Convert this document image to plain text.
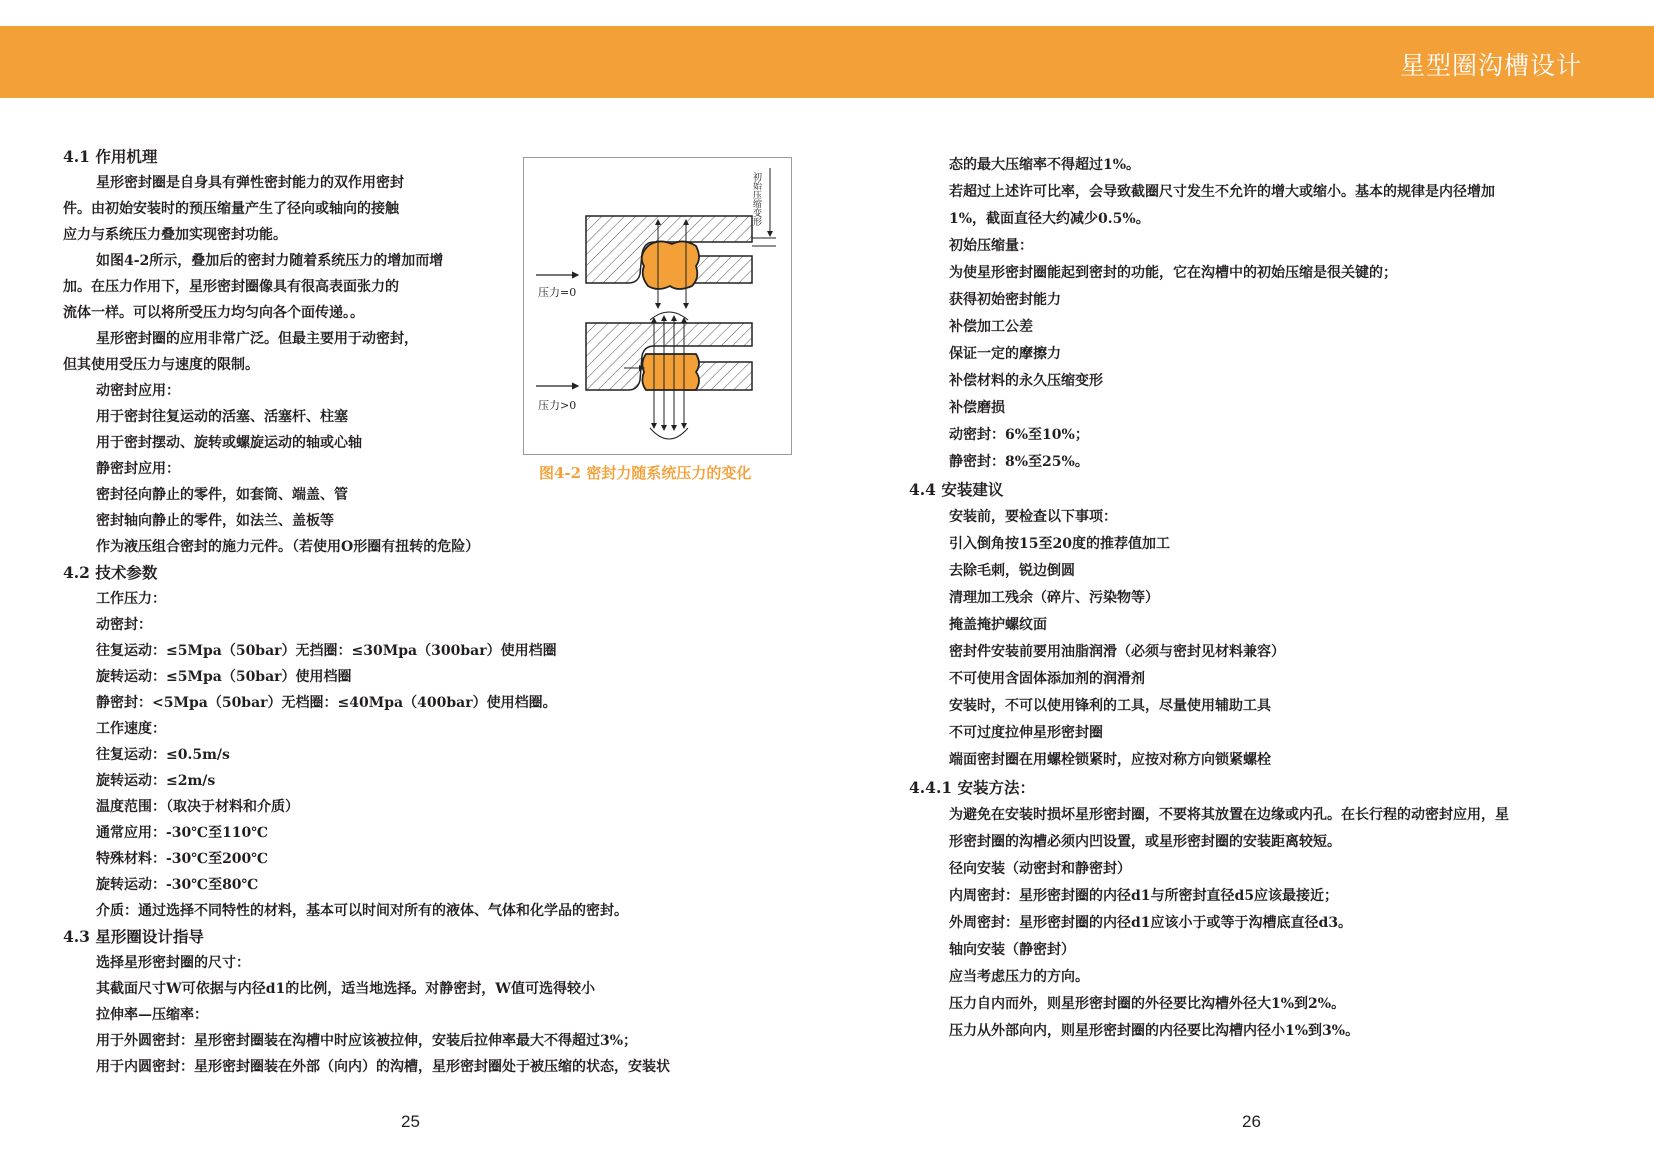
星型圈沟槽设计
4.1 作用机理
星形密封圈是自身具有弹性密封能力的双作用密封
件。由初始安装时的预压缩量产生了径向或轴向的接触
应力与系统压力叠加实现密封功能。
如图4-2所示，叠加后的密封力随着系统压力的增加而增
加。在压力作用下，星形密封圈像具有很高表面张力的
流体一样。可以将所受压力均匀向各个面传递。。
星形密封圈的应用非常广泛。但最主要用于动密封，
但其使用受压力与速度的限制。
动密封应用：
用于密封往复运动的活塞、活塞杆、柱塞
用于密封摆动、旋转或螺旋运动的轴或心轴
静密封应用：
密封径向静止的零件，如套筒、端盖、管
密封轴向静止的零件，如法兰、盖板等
作为液压组合密封的施力元件。（若使用O形圈有扭转的危险）
4.2 技术参数
工作压力：
动密封：
往复运动：≤5Mpa（50bar）无挡圈：≤30Mpa（300bar）使用档圈
旋转运动：≤5Mpa（50bar）使用档圈
静密封：<5Mpa（50bar）无档圈：≤40Mpa（400bar）使用档圈。
工作速度：
往复运动：≤0.5m/s
旋转运动：≤2m/s
温度范围：（取决于材料和介质）
通常应用：-30℃至110℃
特殊材料：-30℃至200℃
旋转运动：-30℃至80℃
介质：通过选择不同特性的材料，基本可以时间对所有的液体、气体和化学品的密封。
4.3 星形圈设计指导
选择星形密封圈的尺寸：
其截面尺寸W可依据与内径d1的比例，适当地选择。对静密封，W值可选得较小
拉伸率—压缩率：
用于外圆密封：星形密封圈装在沟槽中时应该被拉伸，安装后拉伸率最大不得超过3%；
用于内圆密封：星形密封圈装在外部（向内）的沟槽，星形密封圈处于被压缩的状态，安装状
压力=0
压力>0
初始压缩变形
图4-2 密封力随系统压力的变化
25
态的最大压缩率不得超过1%。
若超过上述许可比率，会导致截圈尺寸发生不允许的增大或缩小。基本的规律是内径增加
1%，截面直径大约减少0.5%。
初始压缩量：
为使星形密封圈能起到密封的功能，它在沟槽中的初始压缩是很关键的；
获得初始密封能力
补偿加工公差
保证一定的摩擦力
补偿材料的永久压缩变形
补偿磨损
动密封：6%至10%；
静密封：8%至25%。
4.4 安装建议
安装前，要检查以下事项：
引入倒角按15至20度的推荐值加工
去除毛刺，锐边倒圆
清理加工残余（碎片、污染物等）
掩盖掩护螺纹面
密封件安装前要用油脂润滑（必须与密封见材料兼容）
不可使用含固体添加剂的润滑剂
安装时，不可以使用锋利的工具，尽量使用辅助工具
不可过度拉伸星形密封圈
端面密封圈在用螺栓锁紧时，应按对称方向锁紧螺栓
4.4.1 安装方法：
为避免在安装时损坏星形密封圈，不要将其放置在边缘或内孔。在长行程的动密封应用，星
形密封圈的沟槽必须内凹设置，或星形密封圈的安装距离较短。
径向安装（动密封和静密封）
内周密封：星形密封圈的内径d1与所密封直径d5应该最接近；
外周密封：星形密封圈的内径d1应该小于或等于沟槽底直径d3。
轴向安装（静密封）
应当考虑压力的方向。
压力自内而外，则星形密封圈的外径要比沟槽外径大1%到2%。
压力从外部向内，则星形密封圈的内径要比沟槽内径小1%到3%。
26
